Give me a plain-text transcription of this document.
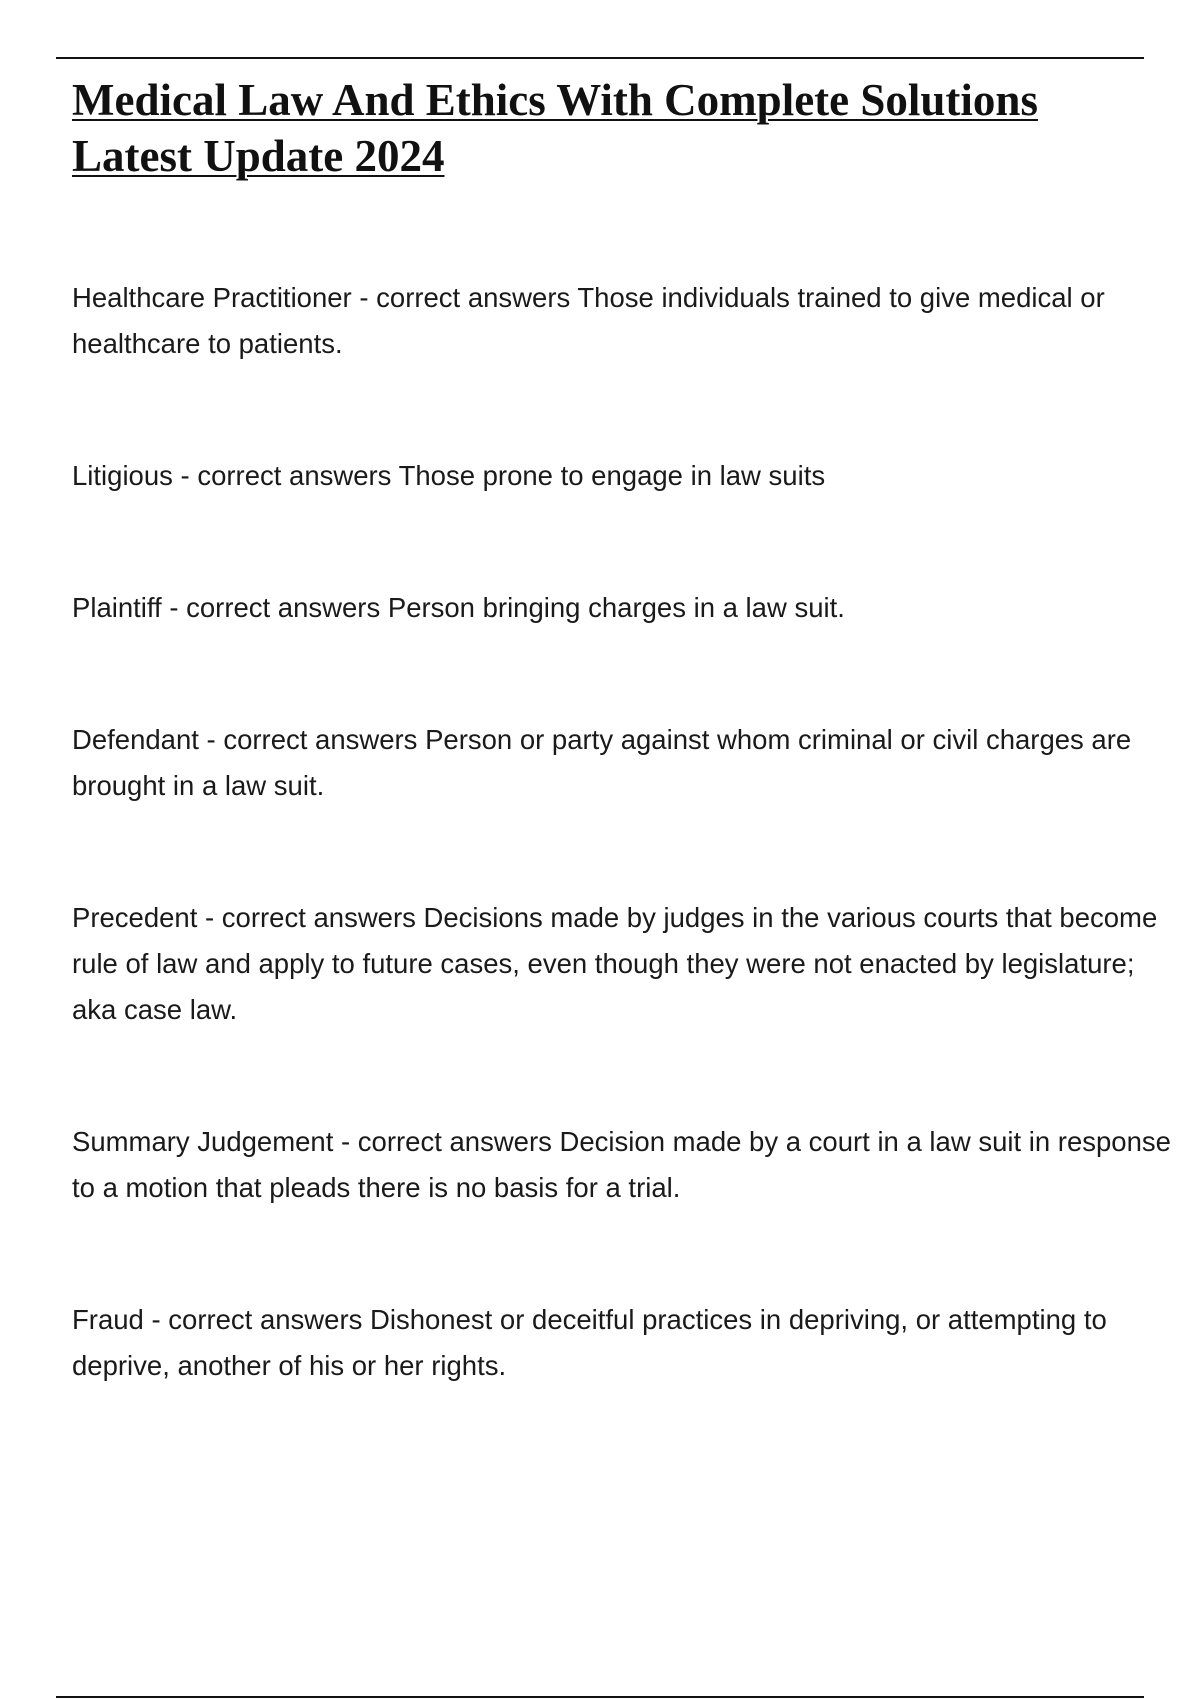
Medical Law And Ethics With Complete Solutions Latest Update 2024

Healthcare Practitioner - correct answers Those individuals trained to give medical or healthcare to patients.

Litigious - correct answers Those prone to engage in law suits

Plaintiff - correct answers Person bringing charges in a law suit.

Defendant - correct answers Person or party against whom criminal or civil charges are brought in a law suit.

Precedent - correct answers Decisions made by judges in the various courts that become rule of law and apply to future cases, even though they were not enacted by legislature; aka case law.

Summary Judgement - correct answers Decision made by a court in a law suit in response to a motion that pleads there is no basis for a trial.

Fraud - correct answers Dishonest or deceitful practices in depriving, or attempting to deprive, another of his or her rights.
